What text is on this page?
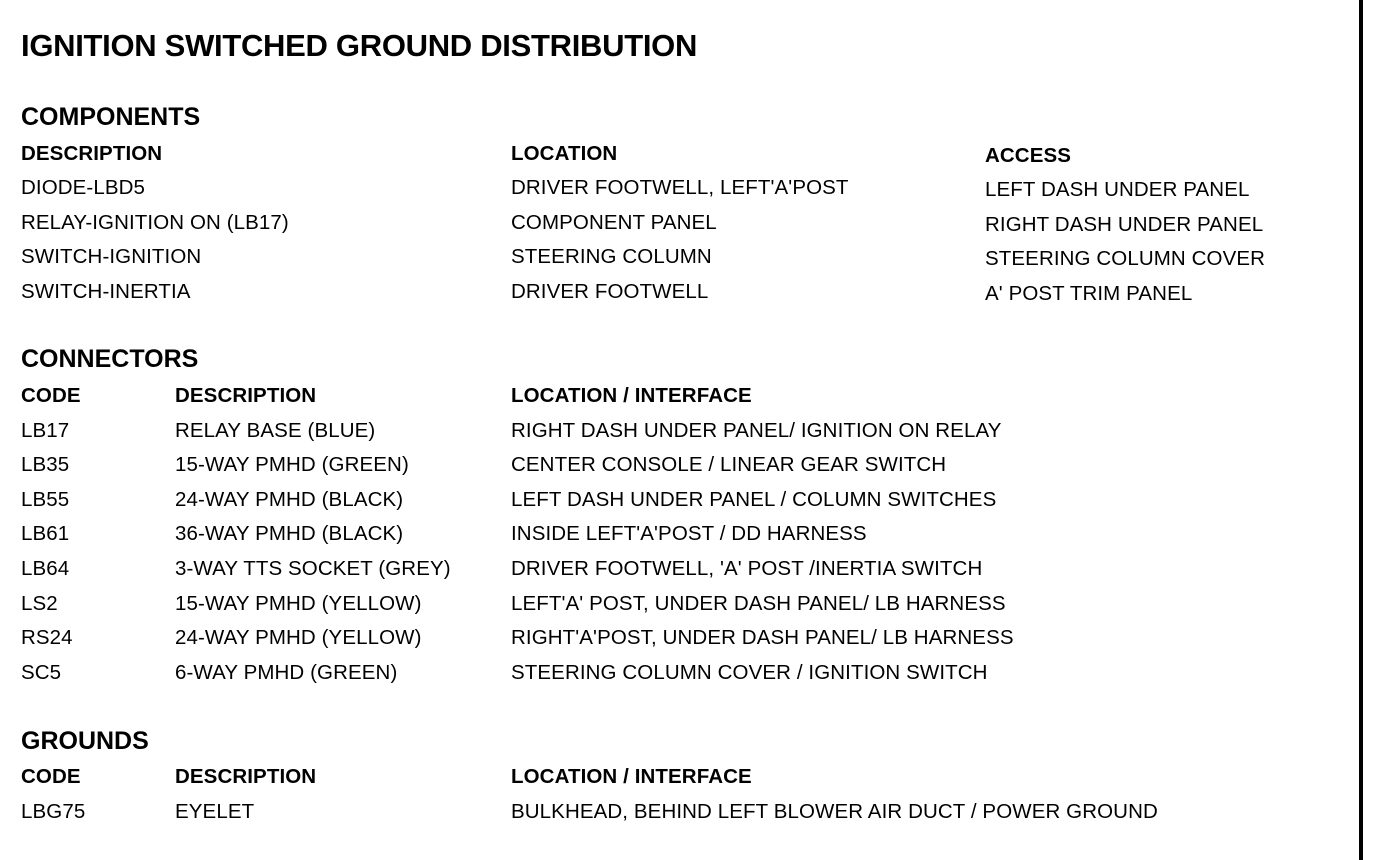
IGNITION SWITCHED GROUND DISTRIBUTION
COMPONENTS
DESCRIPTION	LOCATION	ACCESS
DIODE-LBD5	DRIVER FOOTWELL, LEFT'A'POST	LEFT DASH UNDER PANEL
RELAY-IGNITION ON (LB17)	COMPONENT PANEL	RIGHT DASH UNDER PANEL
SWITCH-IGNITION	STEERING COLUMN	STEERING COLUMN COVER
SWITCH-INERTIA	DRIVER FOOTWELL	A' POST TRIM PANEL
CONNECTORS
CODE	DESCRIPTION	LOCATION / INTERFACE
LB17	RELAY BASE (BLUE)	RIGHT DASH UNDER PANEL/ IGNITION ON RELAY
LB35	15-WAY PMHD (GREEN)	CENTER CONSOLE / LINEAR GEAR SWITCH
LB55	24-WAY PMHD (BLACK)	LEFT DASH UNDER PANEL / COLUMN SWITCHES
LB61	36-WAY PMHD (BLACK)	INSIDE LEFT'A'POST / DD HARNESS
LB64	3-WAY TTS SOCKET (GREY)	DRIVER FOOTWELL, 'A' POST /INERTIA SWITCH
LS2	15-WAY PMHD (YELLOW)	LEFT'A' POST, UNDER DASH PANEL/ LB HARNESS
RS24	24-WAY PMHD (YELLOW)	RIGHT'A'POST, UNDER DASH PANEL/ LB HARNESS
SC5	6-WAY PMHD (GREEN)	STEERING COLUMN COVER / IGNITION SWITCH
GROUNDS
CODE	DESCRIPTION	LOCATION / INTERFACE
LBG75	EYELET	BULKHEAD, BEHIND LEFT BLOWER AIR DUCT / POWER GROUND
